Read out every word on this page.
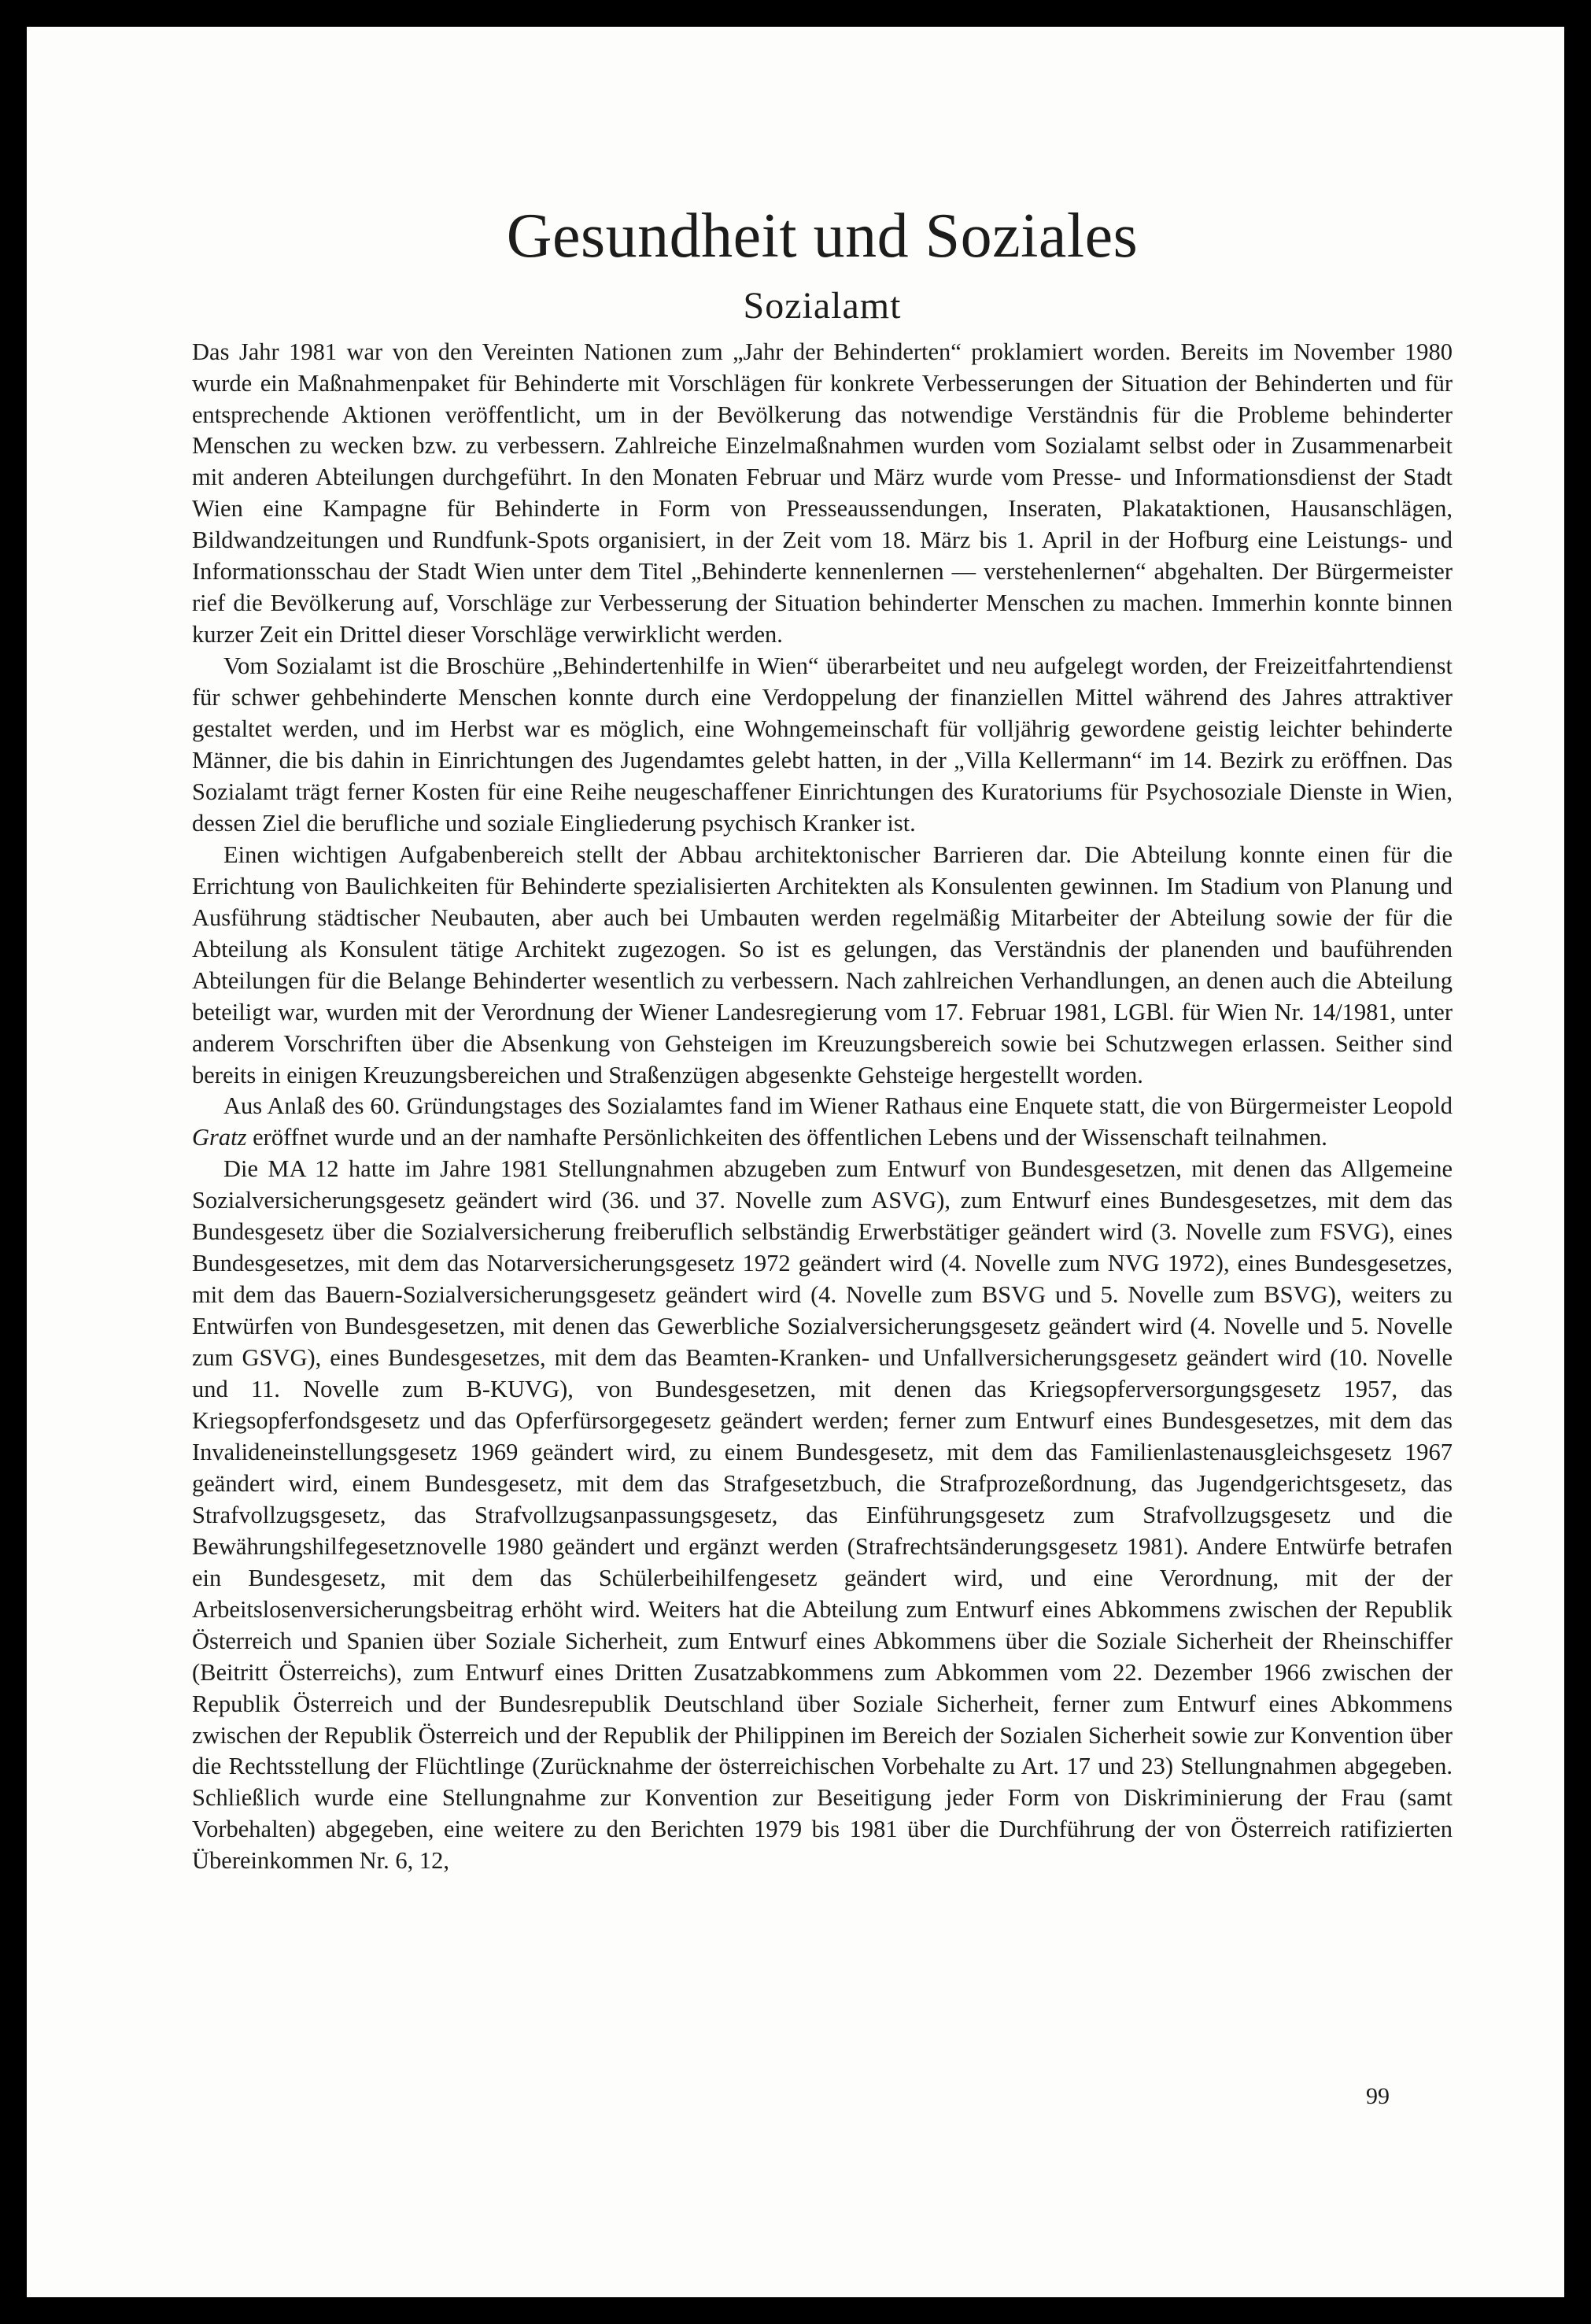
Gesundheit und Soziales
Sozialamt

Das Jahr 1981 war von den Vereinten Nationen zum „Jahr der Behinderten“ proklamiert worden. Bereits im November 1980 wurde ein Maßnahmenpaket für Behinderte mit Vorschlägen für konkrete Verbesserungen der Situation der Behinderten und für entsprechende Aktionen veröffentlicht, um in der Bevölkerung das notwendige Verständnis für die Probleme behinderter Menschen zu wecken bzw. zu verbessern. Zahlreiche Einzelmaßnahmen wurden vom Sozialamt selbst oder in Zusammenarbeit mit anderen Abteilungen durchgeführt. In den Monaten Februar und März wurde vom Presse- und Informationsdienst der Stadt Wien eine Kampagne für Behinderte in Form von Presseaussendungen, Inseraten, Plakataktionen, Hausanschlägen, Bildwandzeitungen und Rundfunk-Spots organisiert, in der Zeit vom 18. März bis 1. April in der Hofburg eine Leistungs- und Informationsschau der Stadt Wien unter dem Titel „Behinderte kennenlernen — verstehenlernen“ abgehalten. Der Bürgermeister rief die Bevölkerung auf, Vorschläge zur Verbesserung der Situation behinderter Menschen zu machen. Immerhin konnte binnen kurzer Zeit ein Drittel dieser Vorschläge verwirklicht werden.

Vom Sozialamt ist die Broschüre „Behindertenhilfe in Wien“ überarbeitet und neu aufgelegt worden, der Freizeitfahrtendienst für schwer gehbehinderte Menschen konnte durch eine Verdoppelung der finanziellen Mittel während des Jahres attraktiver gestaltet werden, und im Herbst war es möglich, eine Wohngemeinschaft für volljährig gewordene geistig leichter behinderte Männer, die bis dahin in Einrichtungen des Jugendamtes gelebt hatten, in der „Villa Kellermann“ im 14. Bezirk zu eröffnen. Das Sozialamt trägt ferner Kosten für eine Reihe neugeschaffener Einrichtungen des Kuratoriums für Psychosoziale Dienste in Wien, dessen Ziel die berufliche und soziale Eingliederung psychisch Kranker ist.

Einen wichtigen Aufgabenbereich stellt der Abbau architektonischer Barrieren dar. Die Abteilung konnte einen für die Errichtung von Baulichkeiten für Behinderte spezialisierten Architekten als Konsulenten gewinnen. Im Stadium von Planung und Ausführung städtischer Neubauten, aber auch bei Umbauten werden regelmäßig Mitarbeiter der Abteilung sowie der für die Abteilung als Konsulent tätige Architekt zugezogen. So ist es gelungen, das Verständnis der planenden und bauführenden Abteilungen für die Belange Behinderter wesentlich zu verbessern. Nach zahlreichen Verhandlungen, an denen auch die Abteilung beteiligt war, wurden mit der Verordnung der Wiener Landesregierung vom 17. Februar 1981, LGBl. für Wien Nr. 14/1981, unter anderem Vorschriften über die Absenkung von Gehsteigen im Kreuzungsbereich sowie bei Schutzwegen erlassen. Seither sind bereits in einigen Kreuzungsbereichen und Straßenzügen abgesenkte Gehsteige hergestellt worden.

Aus Anlaß des 60. Gründungstages des Sozialamtes fand im Wiener Rathaus eine Enquete statt, die von Bürgermeister Leopold Gratz eröffnet wurde und an der namhafte Persönlichkeiten des öffentlichen Lebens und der Wissenschaft teilnahmen.

Die MA 12 hatte im Jahre 1981 Stellungnahmen abzugeben zum Entwurf von Bundesgesetzen, mit denen das Allgemeine Sozialversicherungsgesetz geändert wird (36. und 37. Novelle zum ASVG), zum Entwurf eines Bundesgesetzes, mit dem das Bundesgesetz über die Sozialversicherung freiberuflich selbständig Erwerbstätiger geändert wird (3. Novelle zum FSVG), eines Bundesgesetzes, mit dem das Notarversicherungsgesetz 1972 geändert wird (4. Novelle zum NVG 1972), eines Bundesgesetzes, mit dem das Bauern-Sozialversicherungsgesetz geändert wird (4. Novelle zum BSVG und 5. Novelle zum BSVG), weiters zu Entwürfen von Bundesgesetzen, mit denen das Gewerbliche Sozialversicherungsgesetz geändert wird (4. Novelle und 5. Novelle zum GSVG), eines Bundesgesetzes, mit dem das Beamten-Kranken- und Unfallversicherungsgesetz geändert wird (10. Novelle und 11. Novelle zum B-KUVG), von Bundesgesetzen, mit denen das Kriegsopferversorgungsgesetz 1957, das Kriegsopferfondsgesetz und das Opferfürsorgegesetz geändert werden; ferner zum Entwurf eines Bundesgesetzes, mit dem das Invalideneinstellungsgesetz 1969 geändert wird, zu einem Bundesgesetz, mit dem das Familienlastenausgleichsgesetz 1967 geändert wird, einem Bundesgesetz, mit dem das Strafgesetzbuch, die Strafprozeßordnung, das Jugendgerichtsgesetz, das Strafvollzugsgesetz, das Strafvollzugsanpassungsgesetz, das Einführungsgesetz zum Strafvollzugsgesetz und die Bewährungshilfegesetznovelle 1980 geändert und ergänzt werden (Strafrechtsänderungsgesetz 1981). Andere Entwürfe betrafen ein Bundesgesetz, mit dem das Schülerbeihilfengesetz geändert wird, und eine Verordnung, mit der der Arbeitslosenversicherungsbeitrag erhöht wird. Weiters hat die Abteilung zum Entwurf eines Abkommens zwischen der Republik Österreich und Spanien über Soziale Sicherheit, zum Entwurf eines Abkommens über die Soziale Sicherheit der Rheinschiffer (Beitritt Österreichs), zum Entwurf eines Dritten Zusatzabkommens zum Abkommen vom 22. Dezember 1966 zwischen der Republik Österreich und der Bundesrepublik Deutschland über Soziale Sicherheit, ferner zum Entwurf eines Abkommens zwischen der Republik Österreich und der Republik der Philippinen im Bereich der Sozialen Sicherheit sowie zur Konvention über die Rechtsstellung der Flüchtlinge (Zurücknahme der österreichischen Vorbehalte zu Art. 17 und 23) Stellungnahmen abgegeben. Schließlich wurde eine Stellungnahme zur Konvention zur Beseitigung jeder Form von Diskriminierung der Frau (samt Vorbehalten) abgegeben, eine weitere zu den Berichten 1979 bis 1981 über die Durchführung der von Österreich ratifizierten Übereinkommen Nr. 6, 12,

99
